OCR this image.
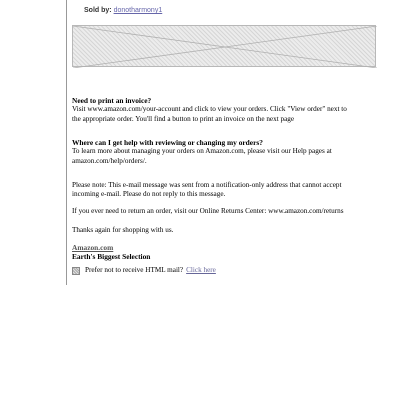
Sold by: donotharmony1
Need to print an invoice?
Visit www.amazon.com/your-account and click to view your orders. Click "View order" next to
the appropriate order. You'll find a button to print an invoice on the next page
Where can I get help with reviewing or changing my orders?
To learn more about managing your orders on Amazon.com, please visit our Help pages at
amazon.com/help/orders/.
Please note: This e-mail message was sent from a notification-only address that cannot accept
incoming e-mail. Please do not reply to this message.
If you ever need to return an order, visit our Online Returns Center: www.amazon.com/returns
Thanks again for shopping with us.
Amazon.com
Earth's Biggest Selection
Prefer not to receive HTML mail? Click here
